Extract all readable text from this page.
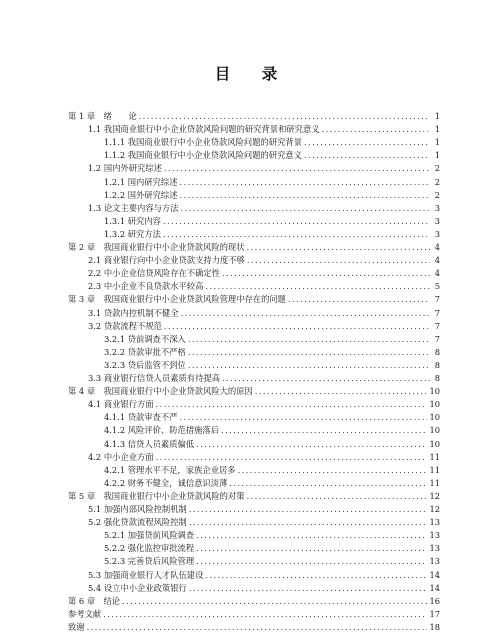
目　录
第 1 章　绪　　论 .....	1
1.1 我国商业银行中小企业贷款风险问题的研究背景和研究意义 .....	1
1.1.1 我国商业银行中小企业贷款风险问题的研究背景 .....	1
1.1.2 我国商业银行中小企业贷款风险问题的研究意义 .....	1
1.2 国内外研究综述 .....	2
1.2.1 国内研究综述 .....	2
1.2.2 国外研究综述 .....	2
1.3 论文主要内容与方法 .....	3
1.3.1 研究内容 .....	3
1.3.2 研究方法 .....	3
第 2 章　我国商业银行中小企业贷款风险的现状 .....	4
2.1 商业银行向中小企业贷款支持力度不够 .....	4
2.2 中小企业信贷风险存在不确定性 .....	4
2.3 中小企业不良贷款水平较高 .....	5
第 3 章　我国商业银行中小企业贷款风险管理中存在的问题 .....	7
3.1 贷款内控机制不健全 .....	7
3.2 贷款流程不规范 .....	7
3.2.1 贷前调查不深入 .....	7
3.2.2 贷款审批不严格 .....	8
3.2.3 贷后监管不到位 .....	8
3.3 商业银行信贷人员素质有待提高 .....	8
第 4 章　我国商业银行中小企业贷款风险大的原因 .....	10
4.1 商业银行方面 .....	10
4.1.1 贷款审查不严 .....	10
4.1.2 风险评价、防范措施落后 .....	10
4.1.3 信贷人员素质偏低 .....	10
4.2 中小企业方面 .....	11
4.2.1 管理水平不足，家族企业居多 .....	11
4.2.2 财务不健全，诚信意识淡薄 .....	11
第 5 章　我国商业银行中小企业贷款风险的对策 .....	12
5.1 加强内部风险控制机制 .....	12
5.2 强化贷款流程风险控制 .....	13
5.2.1 加强贷前风险调查 .....	13
5.2.2 强化监控审批流程 .....	13
5.2.3 完善贷后风险管理 .....	13
5.3 加强商业银行人才队伍建设 .....	14
5.4 设立中小企业政策银行 .....	14
第 6 章　结论 .....	16
参考文献 .....	17
致谢 .....	18
